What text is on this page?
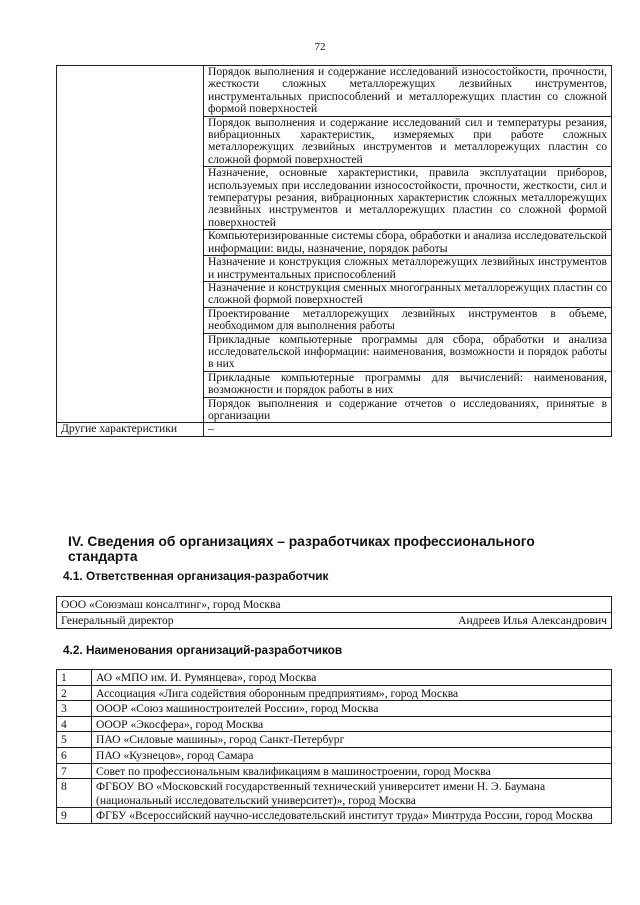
72
	Порядок выполнения и содержание исследований износостойкости, прочности, жесткости сложных металлорежущих лезвийных инструментов, инструментальных приспособлений и металлорежущих пластин со сложной формой поверхностей
	Порядок выполнения и содержание исследований сил и температуры резания, вибрационных характеристик, измеряемых при работе сложных металлорежущих лезвийных инструментов и металлорежущих пластин со сложной формой поверхностей
	Назначение, основные характеристики, правила эксплуатации приборов, используемых при исследовании износостойкости, прочности, жесткости, сил и температуры резания, вибрационных характеристик сложных металлорежущих лезвийных инструментов и металлорежущих пластин со сложной формой поверхностей
	Компьютеризированные системы сбора, обработки и анализа исследовательской информации: виды, назначение, порядок работы
	Назначение и конструкция сложных металлорежущих лезвийных инструментов и инструментальных приспособлений
	Назначение и конструкция сменных многогранных металлорежущих пластин со сложной формой поверхностей
	Проектирование металлорежущих лезвийных инструментов в объеме, необходимом для выполнения работы
	Прикладные компьютерные программы для сбора, обработки и анализа исследовательской информации: наименования, возможности и порядок работы в них
	Прикладные компьютерные программы для вычислений: наименования, возможности и порядок работы в них
	Порядок выполнения и содержание отчетов о исследованиях, принятые в организации
Другие характеристики	–
IV. Сведения об организациях – разработчиках профессионального стандарта
4.1. Ответственная организация-разработчик
ООО «Союзмаш консалтинг», город Москва

Генеральный директор	Андреев Илья Александрович
4.2. Наименования организаций-разработчиков
1	АО «МПО им. И. Румянцева», город Москва
2	Ассоциация «Лига содействия оборонным предприятиям», город Москва
3	ОООР «Союз машиностроителей России», город Москва
4	ОООР «Экосфера», город Москва
5	ПАО «Силовые машины», город Санкт-Петербург
6	ПАО «Кузнецов», город Самара
7	Совет по профессиональным квалификациям в машиностроении, город Москва
8	ФГБОУ ВО «Московский государственный технический университет имени Н. Э. Баумана (национальный исследовательский университет)», город Москва
9	ФГБУ «Всероссийский научно-исследовательский институт труда» Минтруда России, город Москва
